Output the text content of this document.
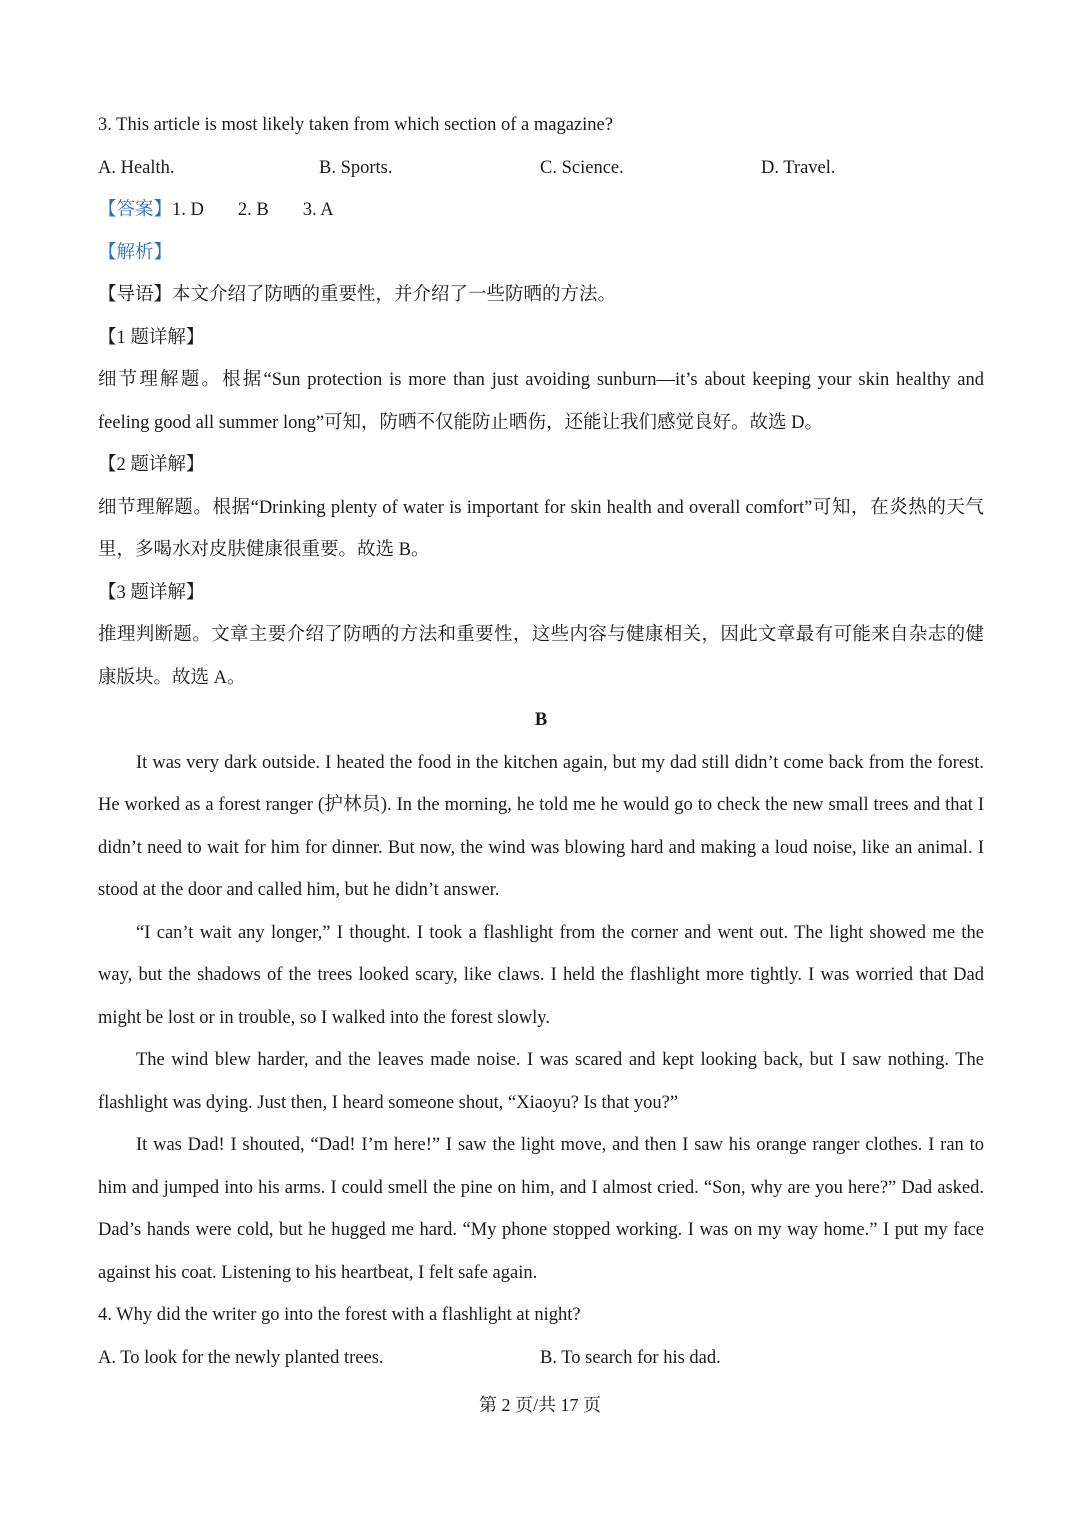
3. This article is most likely taken from which section of a magazine?
A. Health.	B. Sports.	C. Science.	D. Travel.
【答案】1. D 2. B 3. A
【解析】
【导语】本文介绍了防晒的重要性，并介绍了一些防晒的方法。
【1 题详解】
细节理解题。根据“Sun protection is more than just avoiding sunburn—it’s about keeping your skin healthy and feeling good all summer long”可知，防晒不仅能防止晒伤，还能让我们感觉良好。故选 D。
【2 题详解】
细节理解题。根据“Drinking plenty of water is important for skin health and overall comfort”可知，在炎热的天气里，多喝水对皮肤健康很重要。故选 B。
【3 题详解】
推理判断题。文章主要介绍了防晒的方法和重要性，这些内容与健康相关，因此文章最有可能来自杂志的健康版块。故选 A。
B
It was very dark outside. I heated the food in the kitchen again, but my dad still didn’t come back from the forest. He worked as a forest ranger (护林员). In the morning, he told me he would go to check the new small trees and that I didn’t need to wait for him for dinner. But now, the wind was blowing hard and making a loud noise, like an animal. I stood at the door and called him, but he didn’t answer.
“I can’t wait any longer,” I thought. I took a flashlight from the corner and went out. The light showed me the way, but the shadows of the trees looked scary, like claws. I held the flashlight more tightly. I was worried that Dad might be lost or in trouble, so I walked into the forest slowly.
The wind blew harder, and the leaves made noise. I was scared and kept looking back, but I saw nothing. The flashlight was dying. Just then, I heard someone shout, “Xiaoyu? Is that you?”
It was Dad! I shouted, “Dad! I’m here!” I saw the light move, and then I saw his orange ranger clothes. I ran to him and jumped into his arms. I could smell the pine on him, and I almost cried. “Son, why are you here?” Dad asked. Dad’s hands were cold, but he hugged me hard. “My phone stopped working. I was on my way home.” I put my face against his coat. Listening to his heartbeat, I felt safe again.
4. Why did the writer go into the forest with a flashlight at night?
A. To look for the newly planted trees.	B. To search for his dad.
第 2 页/共 17 页
